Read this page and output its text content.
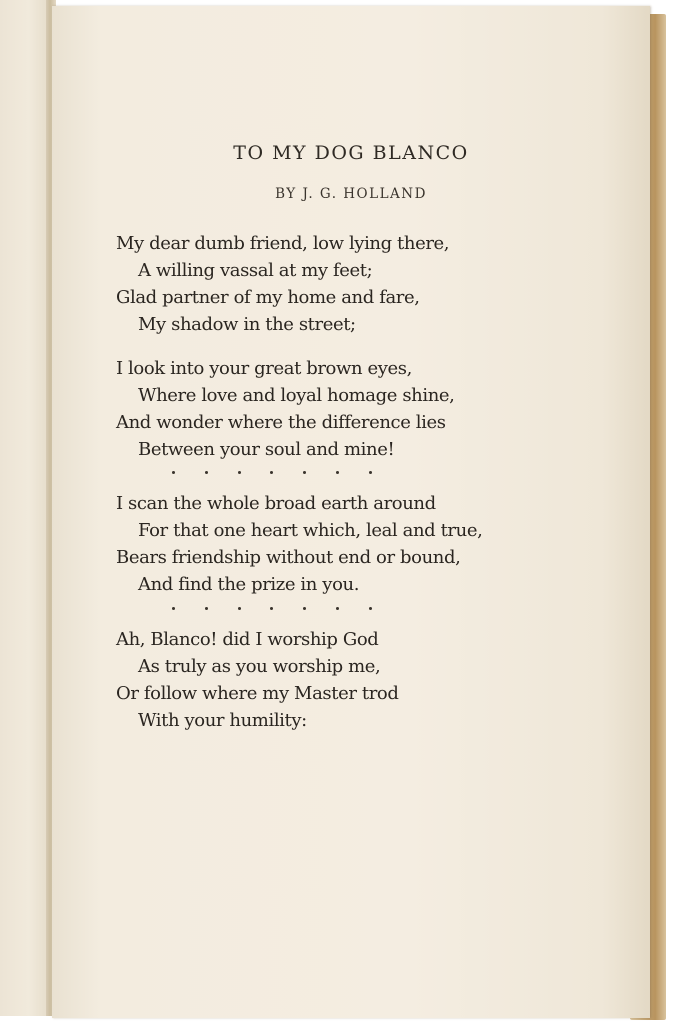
TO MY DOG BLANCO
BY J. G. HOLLAND
My dear dumb friend, low lying there,
A willing vassal at my feet;
Glad partner of my home and fare,
My shadow in the street;
I look into your great brown eyes,
Where love and loyal homage shine,
And wonder where the difference lies
Between your soul and mine!
I scan the whole broad earth around
For that one heart which, leal and true,
Bears friendship without end or bound,
And find the prize in you.
Ah, Blanco! did I worship God
As truly as you worship me,
Or follow where my Master trod
With your humility:
